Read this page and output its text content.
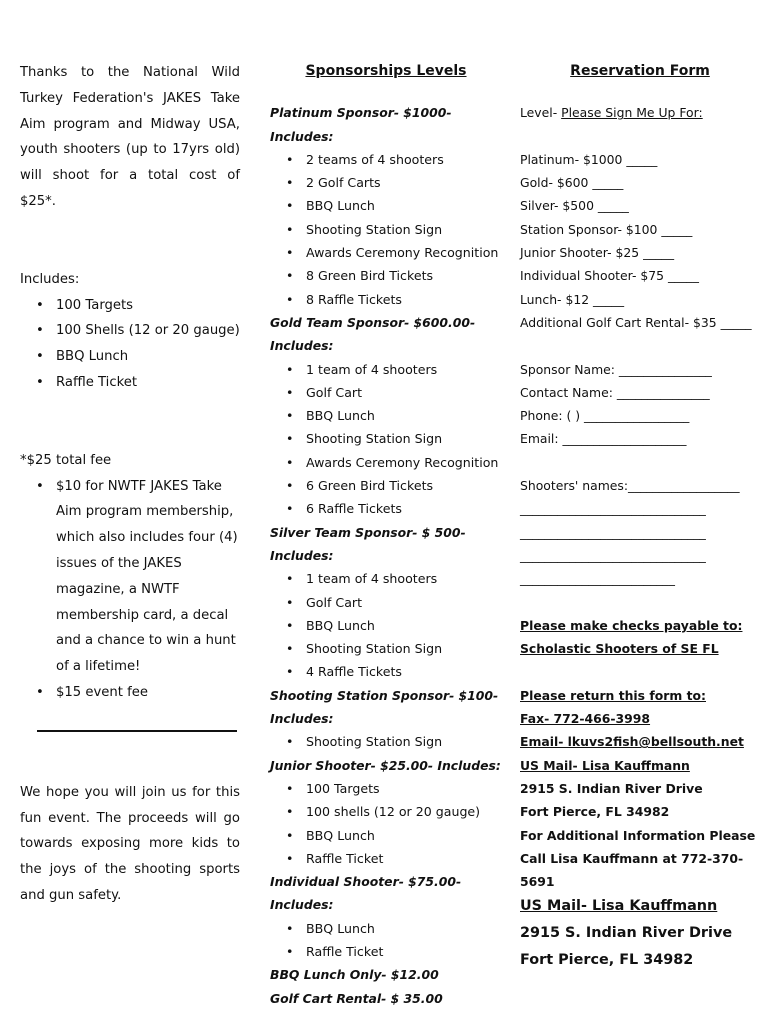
Thanks to the National Wild Turkey Federation's JAKES Take Aim program and Midway USA, youth shooters (up to 17yrs old) will shoot for a total cost of $25*.

Includes:
• 100 Targets
• 100 Shells (12 or 20 gauge)
• BBQ Lunch
• Raffle Ticket
*$25 total fee
• $10 for NWTF JAKES Take Aim program membership, which also includes four (4) issues of the JAKES magazine, a NWTF membership card, a decal and a chance to win a hunt of a lifetime!
• $15 event fee

We hope you will join us for this fun event. The proceeds will go towards exposing more kids to the joys of the shooting sports and gun safety.

Sponsorships Levels
Platinum Sponsor- $1000- Includes:
• 2 teams of 4 shooters
• 2 Golf Carts
• BBQ Lunch
• Shooting Station Sign
• Awards Ceremony Recognition
• 8 Green Bird Tickets
• 8 Raffle Tickets
Gold Team Sponsor- $600.00- Includes:
• 1 team of 4 shooters
• Golf Cart
• BBQ Lunch
• Shooting Station Sign
• Awards Ceremony Recognition
• 6 Green Bird Tickets
• 6 Raffle Tickets
Silver Team Sponsor- $ 500- Includes:
• 1 team of 4 shooters
• Golf Cart
• BBQ Lunch
• Shooting Station Sign
• 4 Raffle Tickets
Shooting Station Sponsor- $100- Includes:
• Shooting Station Sign
Junior Shooter- $25.00- Includes:
• 100 Targets
• 100 shells (12 or 20 gauge)
• BBQ Lunch
• Raffle Ticket
Individual Shooter- $75.00- Includes:
• BBQ Lunch
• Raffle Ticket
BBQ Lunch Only- $12.00
Golf Cart Rental- $ 35.00
Reservation Form
Level- Please Sign Me Up For:
Platinum- $1000 _____
Gold- $600 _____
Silver- $500 _____
Station Sponsor- $100 _____
Junior Shooter- $25 _____
Individual Shooter- $75 _____
Lunch- $12 _____
Additional Golf Cart Rental- $35 _____
Sponsor Name: _______________
Contact Name: _______________
Phone: ( ) _________________
Email: ____________________
Shooters' names:__________________
______________________________
______________________________
______________________________
_________________________
Please make checks payable to:
Scholastic Shooters of SE FL
Please return this form to:
Fax- 772-466-3998
Email- lkuvs2fish@bellsouth.net
US Mail- Lisa Kauffmann
2915 S. Indian River Drive
Fort Pierce, FL 34982
For Additional Information Please Call Lisa Kauffmann at 772-370-5691
US Mail- Lisa Kauffmann
2915 S. Indian River Drive
Fort Pierce, FL 34982
